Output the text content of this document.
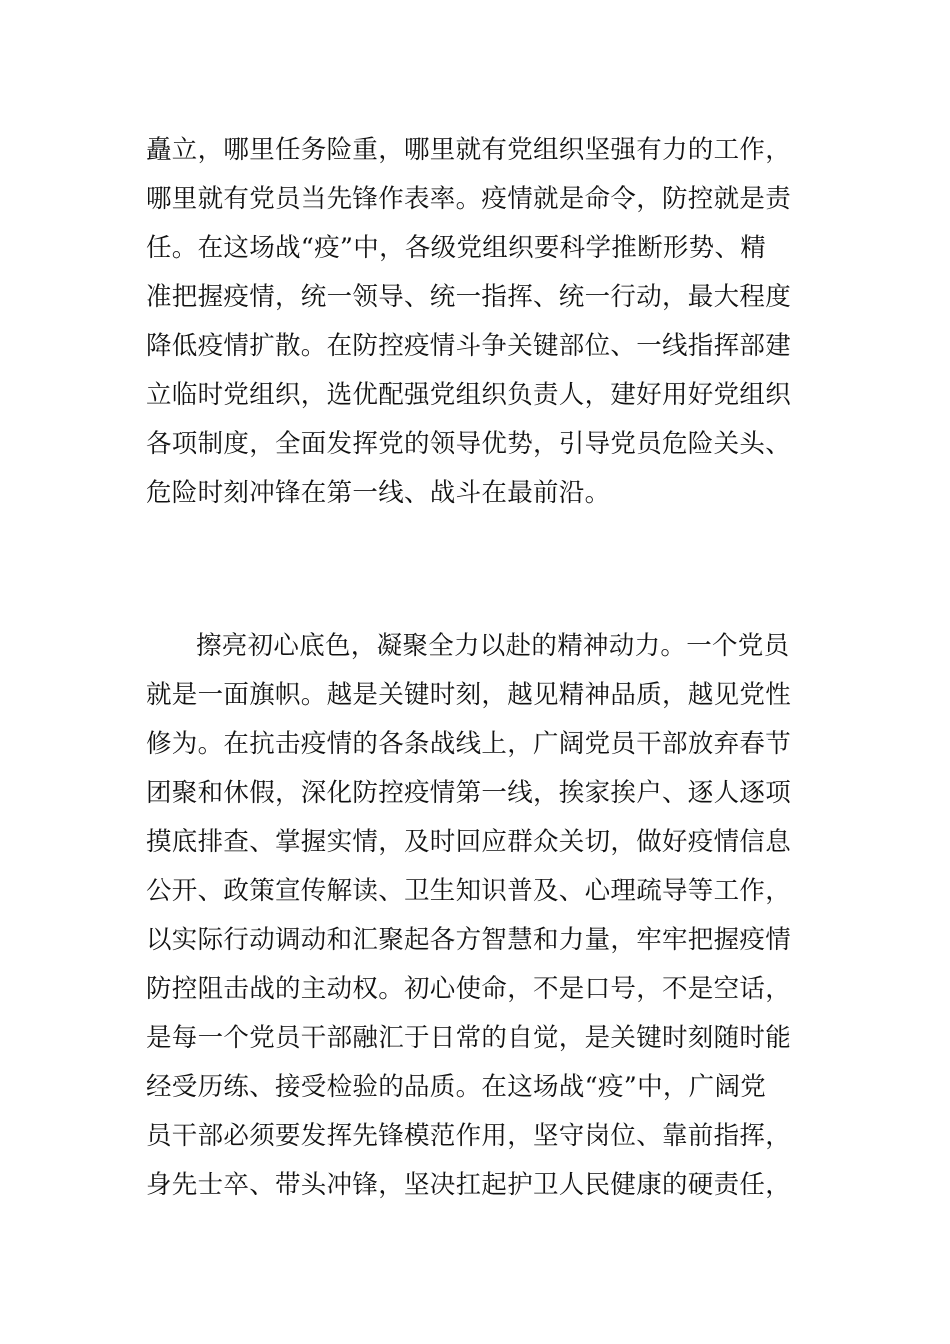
矗立，哪里任务险重，哪里就有党组织坚强有力的工作，
哪里就有党员当先锋作表率。疫情就是命令，防控就是责
任。在这场战“疫”中，各级党组织要科学推断形势、精
准把握疫情，统一领导、统一指挥、统一行动，最大程度
降低疫情扩散。在防控疫情斗争关键部位、一线指挥部建
立临时党组织，选优配强党组织负责人，建好用好党组织
各项制度，全面发挥党的领导优势，引导党员危险关头、
危险时刻冲锋在第一线、战斗在最前沿。
擦亮初心底色，凝聚全力以赴的精神动力。一个党员
就是一面旗帜。越是关键时刻，越见精神品质，越见党性
修为。在抗击疫情的各条战线上，广阔党员干部放弃春节
团聚和休假，深化防控疫情第一线，挨家挨户、逐人逐项
摸底排查、掌握实情，及时回应群众关切，做好疫情信息
公开、政策宣传解读、卫生知识普及、心理疏导等工作，
以实际行动调动和汇聚起各方智慧和力量，牢牢把握疫情
防控阻击战的主动权。初心使命，不是口号，不是空话，
是每一个党员干部融汇于日常的自觉，是关键时刻随时能
经受历练、接受检验的品质。在这场战“疫”中，广阔党
员干部必须要发挥先锋模范作用，坚守岗位、靠前指挥，
身先士卒、带头冲锋，坚决扛起护卫人民健康的硬责任，
